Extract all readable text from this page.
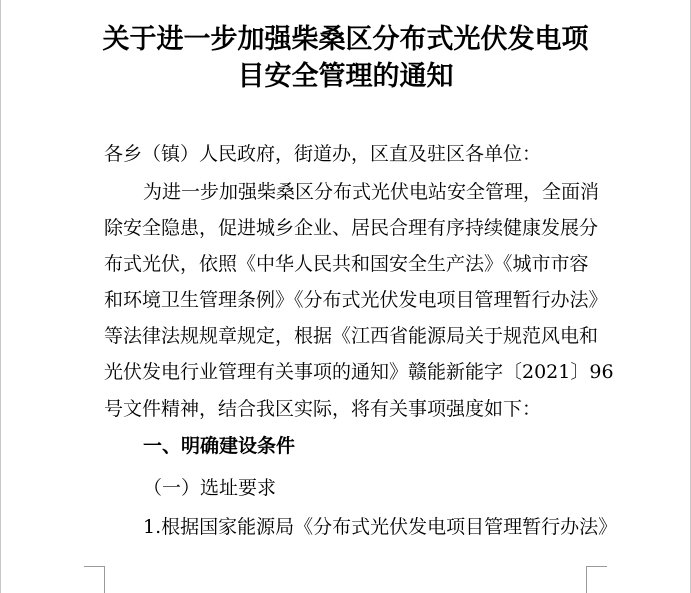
关于进一步加强柴桑区分布式光伏发电项
目安全管理的通知

各乡（镇）人民政府，街道办，区直及驻区各单位：

为进一步加强柴桑区分布式光伏电站安全管理，全面消

除安全隐患，促进城乡企业、居民合理有序持续健康发展分

布式光伏，依照《中华人民共和国安全生产法》《城市市容

和环境卫生管理条例》《分布式光伏发电项目管理暂行办法》

等法律法规规章规定，根据《江西省能源局关于规范风电和

光伏发电行业管理有关事项的通知》赣能新能字〔2021〕96

号文件精神，结合我区实际，将有关事项强度如下：

一、明确建设条件

（一）选址要求

1.根据国家能源局《分布式光伏发电项目管理暂行办法》
